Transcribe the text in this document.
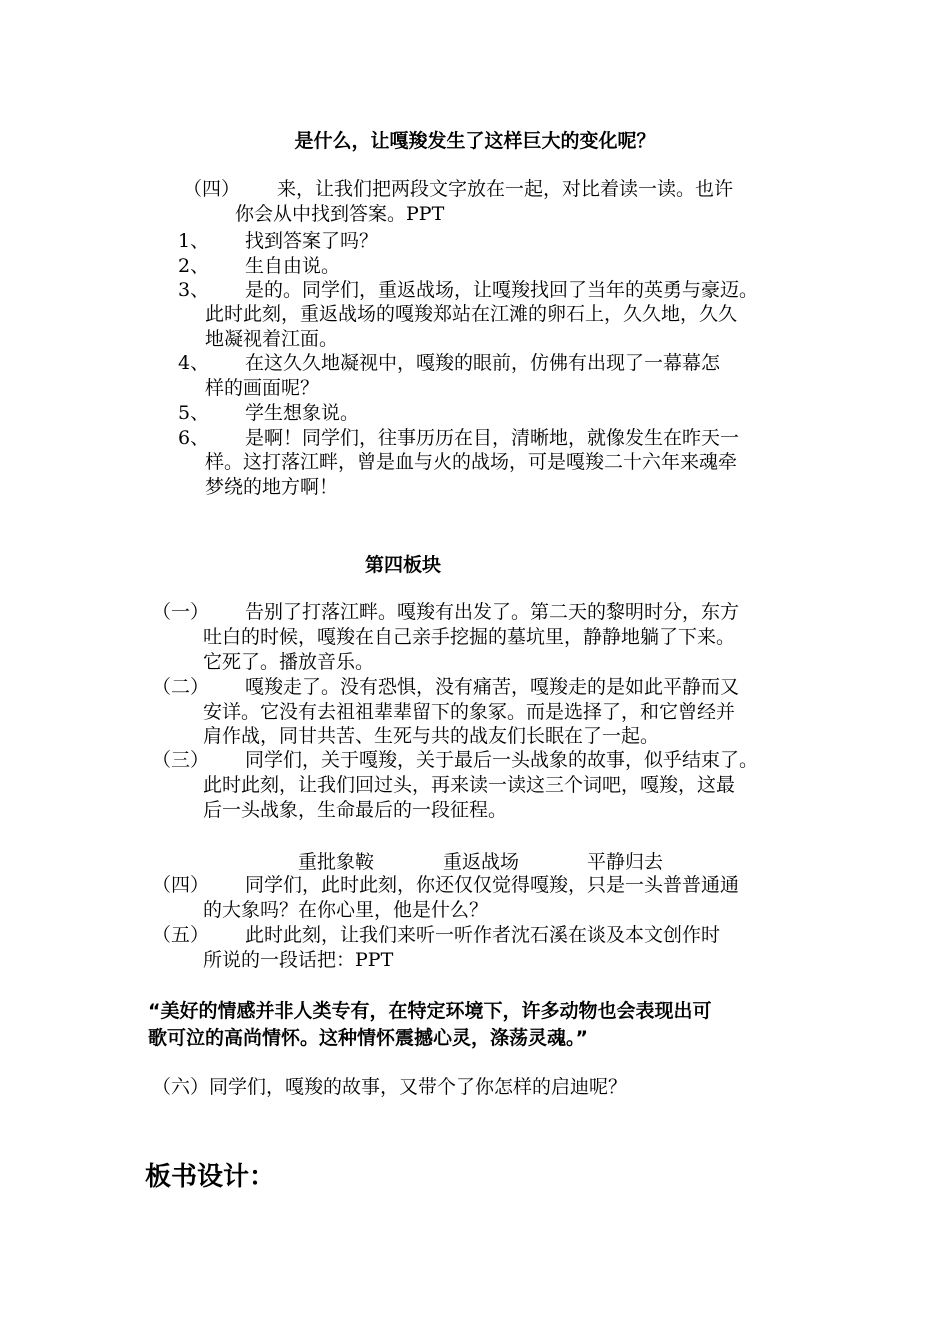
是什么，让嘎羧发生了这样巨大的变化呢？
（四） 来，让我们把两段文字放在一起，对比着读一读。也许
你会从中找到答案。PPT
1、 找到答案了吗？
2、 生自由说。
3、 是的。同学们，重返战场，让嘎羧找回了当年的英勇与豪迈。
此时此刻，重返战场的嘎羧郑站在江滩的卵石上，久久地，久久
地凝视着江面。
4、 在这久久地凝视中，嘎羧的眼前，仿佛有出现了一幕幕怎
样的画面呢？
5、 学生想象说。
6、 是啊！同学们，往事历历在目，清晰地，就像发生在昨天一
样。这打落江畔，曾是血与火的战场，可是嘎羧二十六年来魂牵
梦绕的地方啊！
第四板块
（一） 告别了打落江畔。嘎羧有出发了。第二天的黎明时分，东方
吐白的时候，嘎羧在自己亲手挖掘的墓坑里，静静地躺了下来。
它死了。播放音乐。
（二） 嘎羧走了。没有恐惧，没有痛苦，嘎羧走的是如此平静而又
安详。它没有去祖祖辈辈留下的象冢。而是选择了，和它曾经并
肩作战，同甘共苦、生死与共的战友们长眠在了一起。
（三） 同学们，关于嘎羧，关于最后一头战象的故事，似乎结束了。
此时此刻，让我们回过头，再来读一读这三个词吧，嘎羧，这最
后一头战象，生命最后的一段征程。
重批象鞍	重返战场	平静归去
（四） 同学们，此时此刻，你还仅仅觉得嘎羧，只是一头普普通通
的大象吗？在你心里，他是什么？
（五） 此时此刻，让我们来听一听作者沈石溪在谈及本文创作时
所说的一段话把：PPT
“美好的情感并非人类专有，在特定环境下，许多动物也会表现出可
歌可泣的高尚情怀。这种情怀震撼心灵，涤荡灵魂。”
（六）同学们，嘎羧的故事，又带个了你怎样的启迪呢？
板书设计：
